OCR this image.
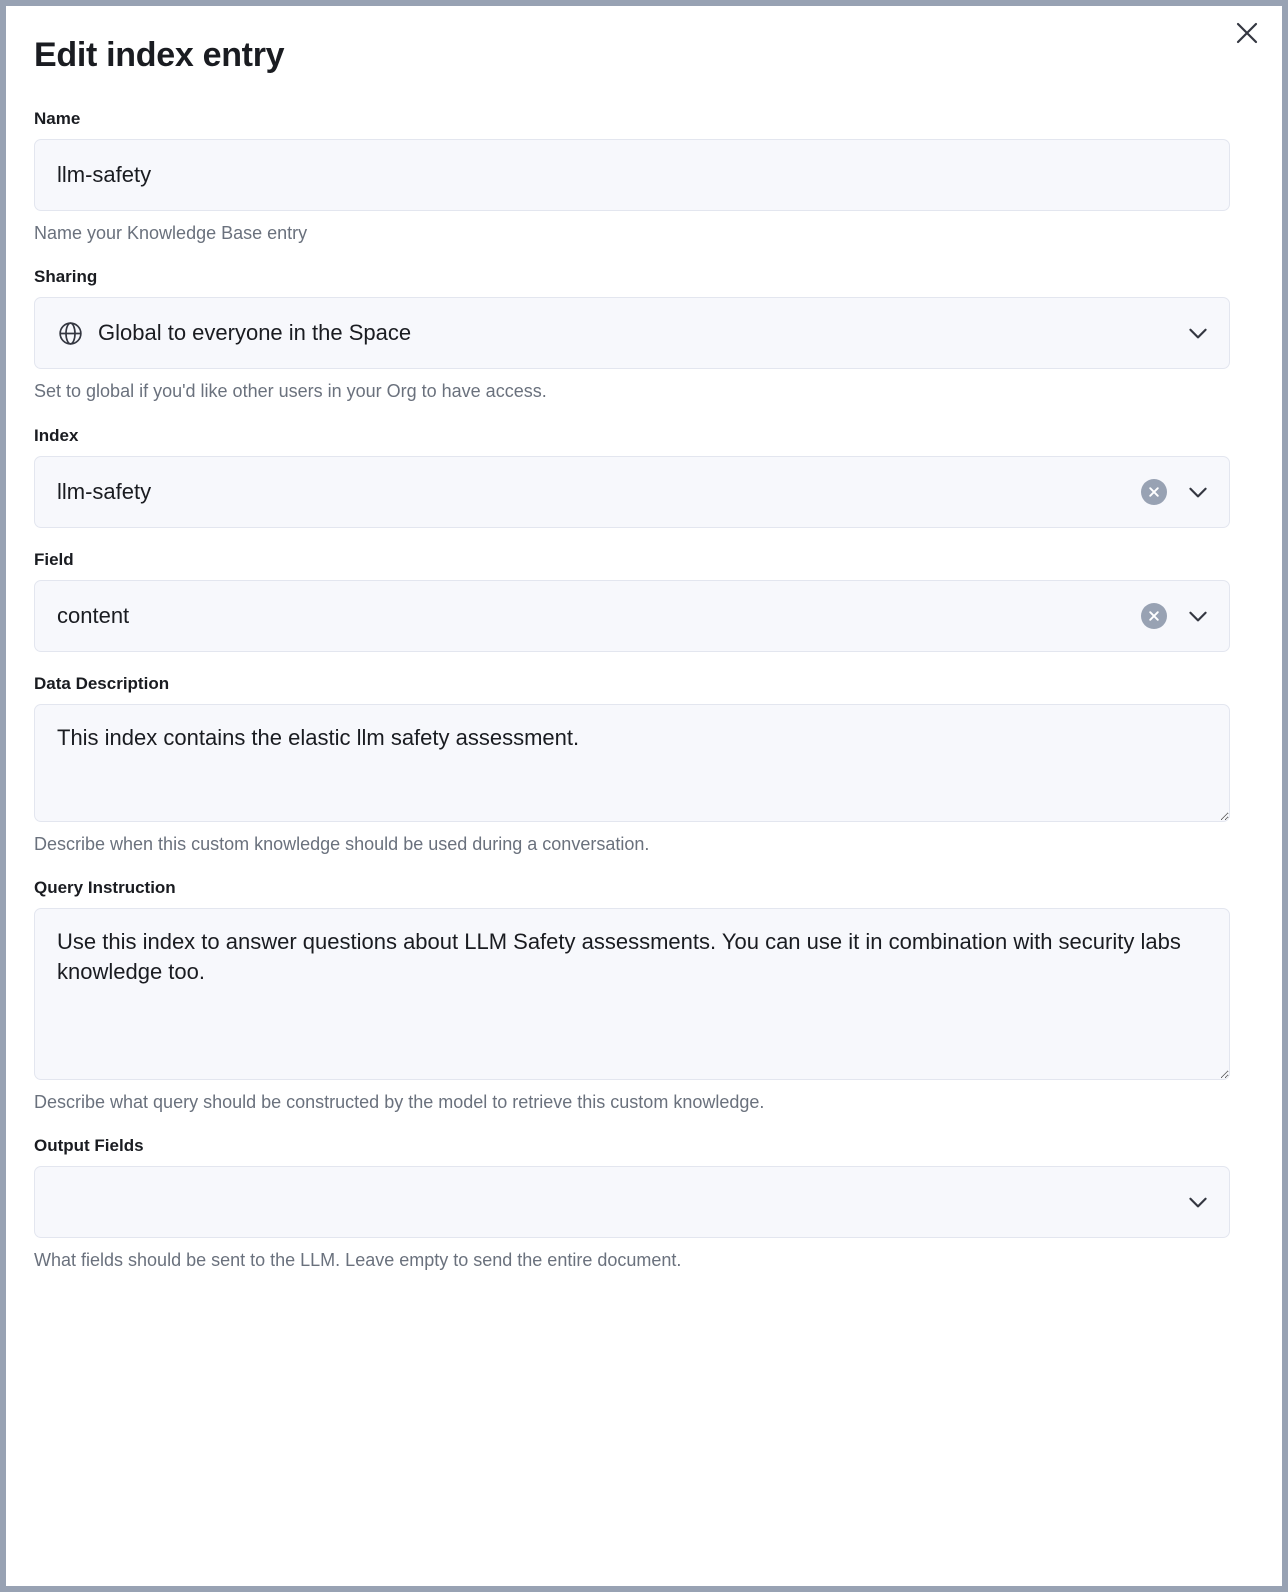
Edit index entry
Name
llm-safety
Name your Knowledge Base entry
Sharing
Global to everyone in the Space
Set to global if you'd like other users in your Org to have access.
Index
llm-safety
Field
content
Data Description
This index contains the elastic llm safety assessment.
Describe when this custom knowledge should be used during a conversation.
Query Instruction
Use this index to answer questions about LLM Safety assessments. You can use it in combination with security labs knowledge too.
Describe what query should be constructed by the model to retrieve this custom knowledge.
Output Fields
What fields should be sent to the LLM. Leave empty to send the entire document.
